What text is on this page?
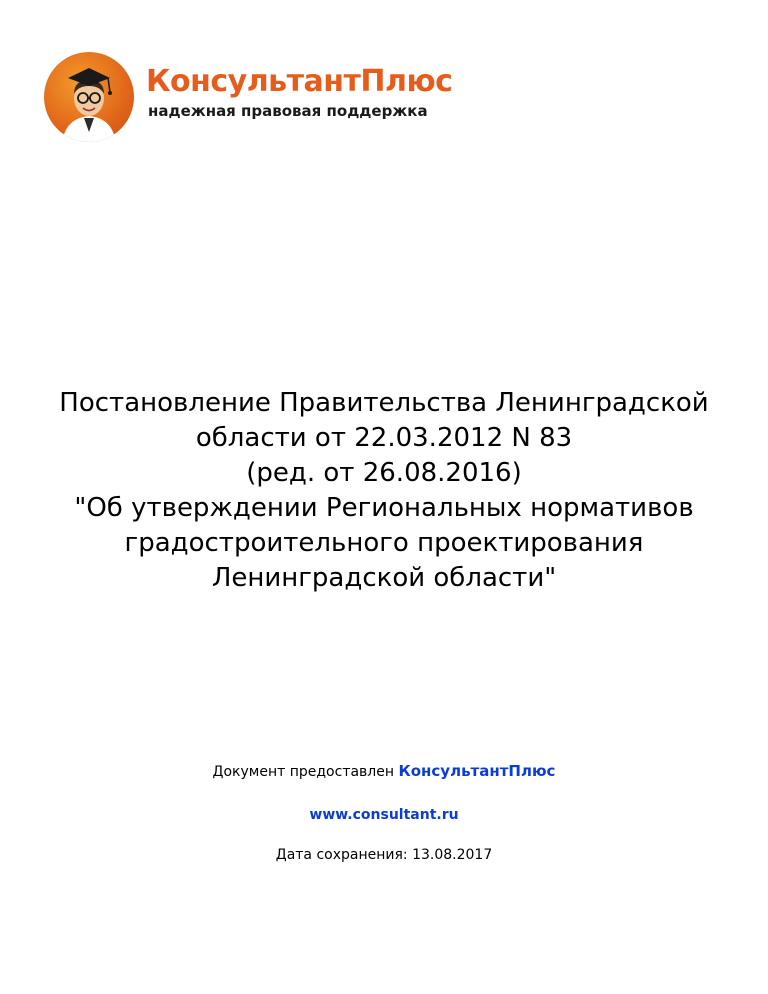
КонсультантПлюс
надежная правовая поддержка
Постановление Правительства Ленинградской
области от 22.03.2012 N 83
(ред. от 26.08.2016)
"Об утверждении Региональных нормативов
градостроительного проектирования
Ленинградской области"
Документ предоставлен КонсультантПлюс
www.consultant.ru
Дата сохранения: 13.08.2017
